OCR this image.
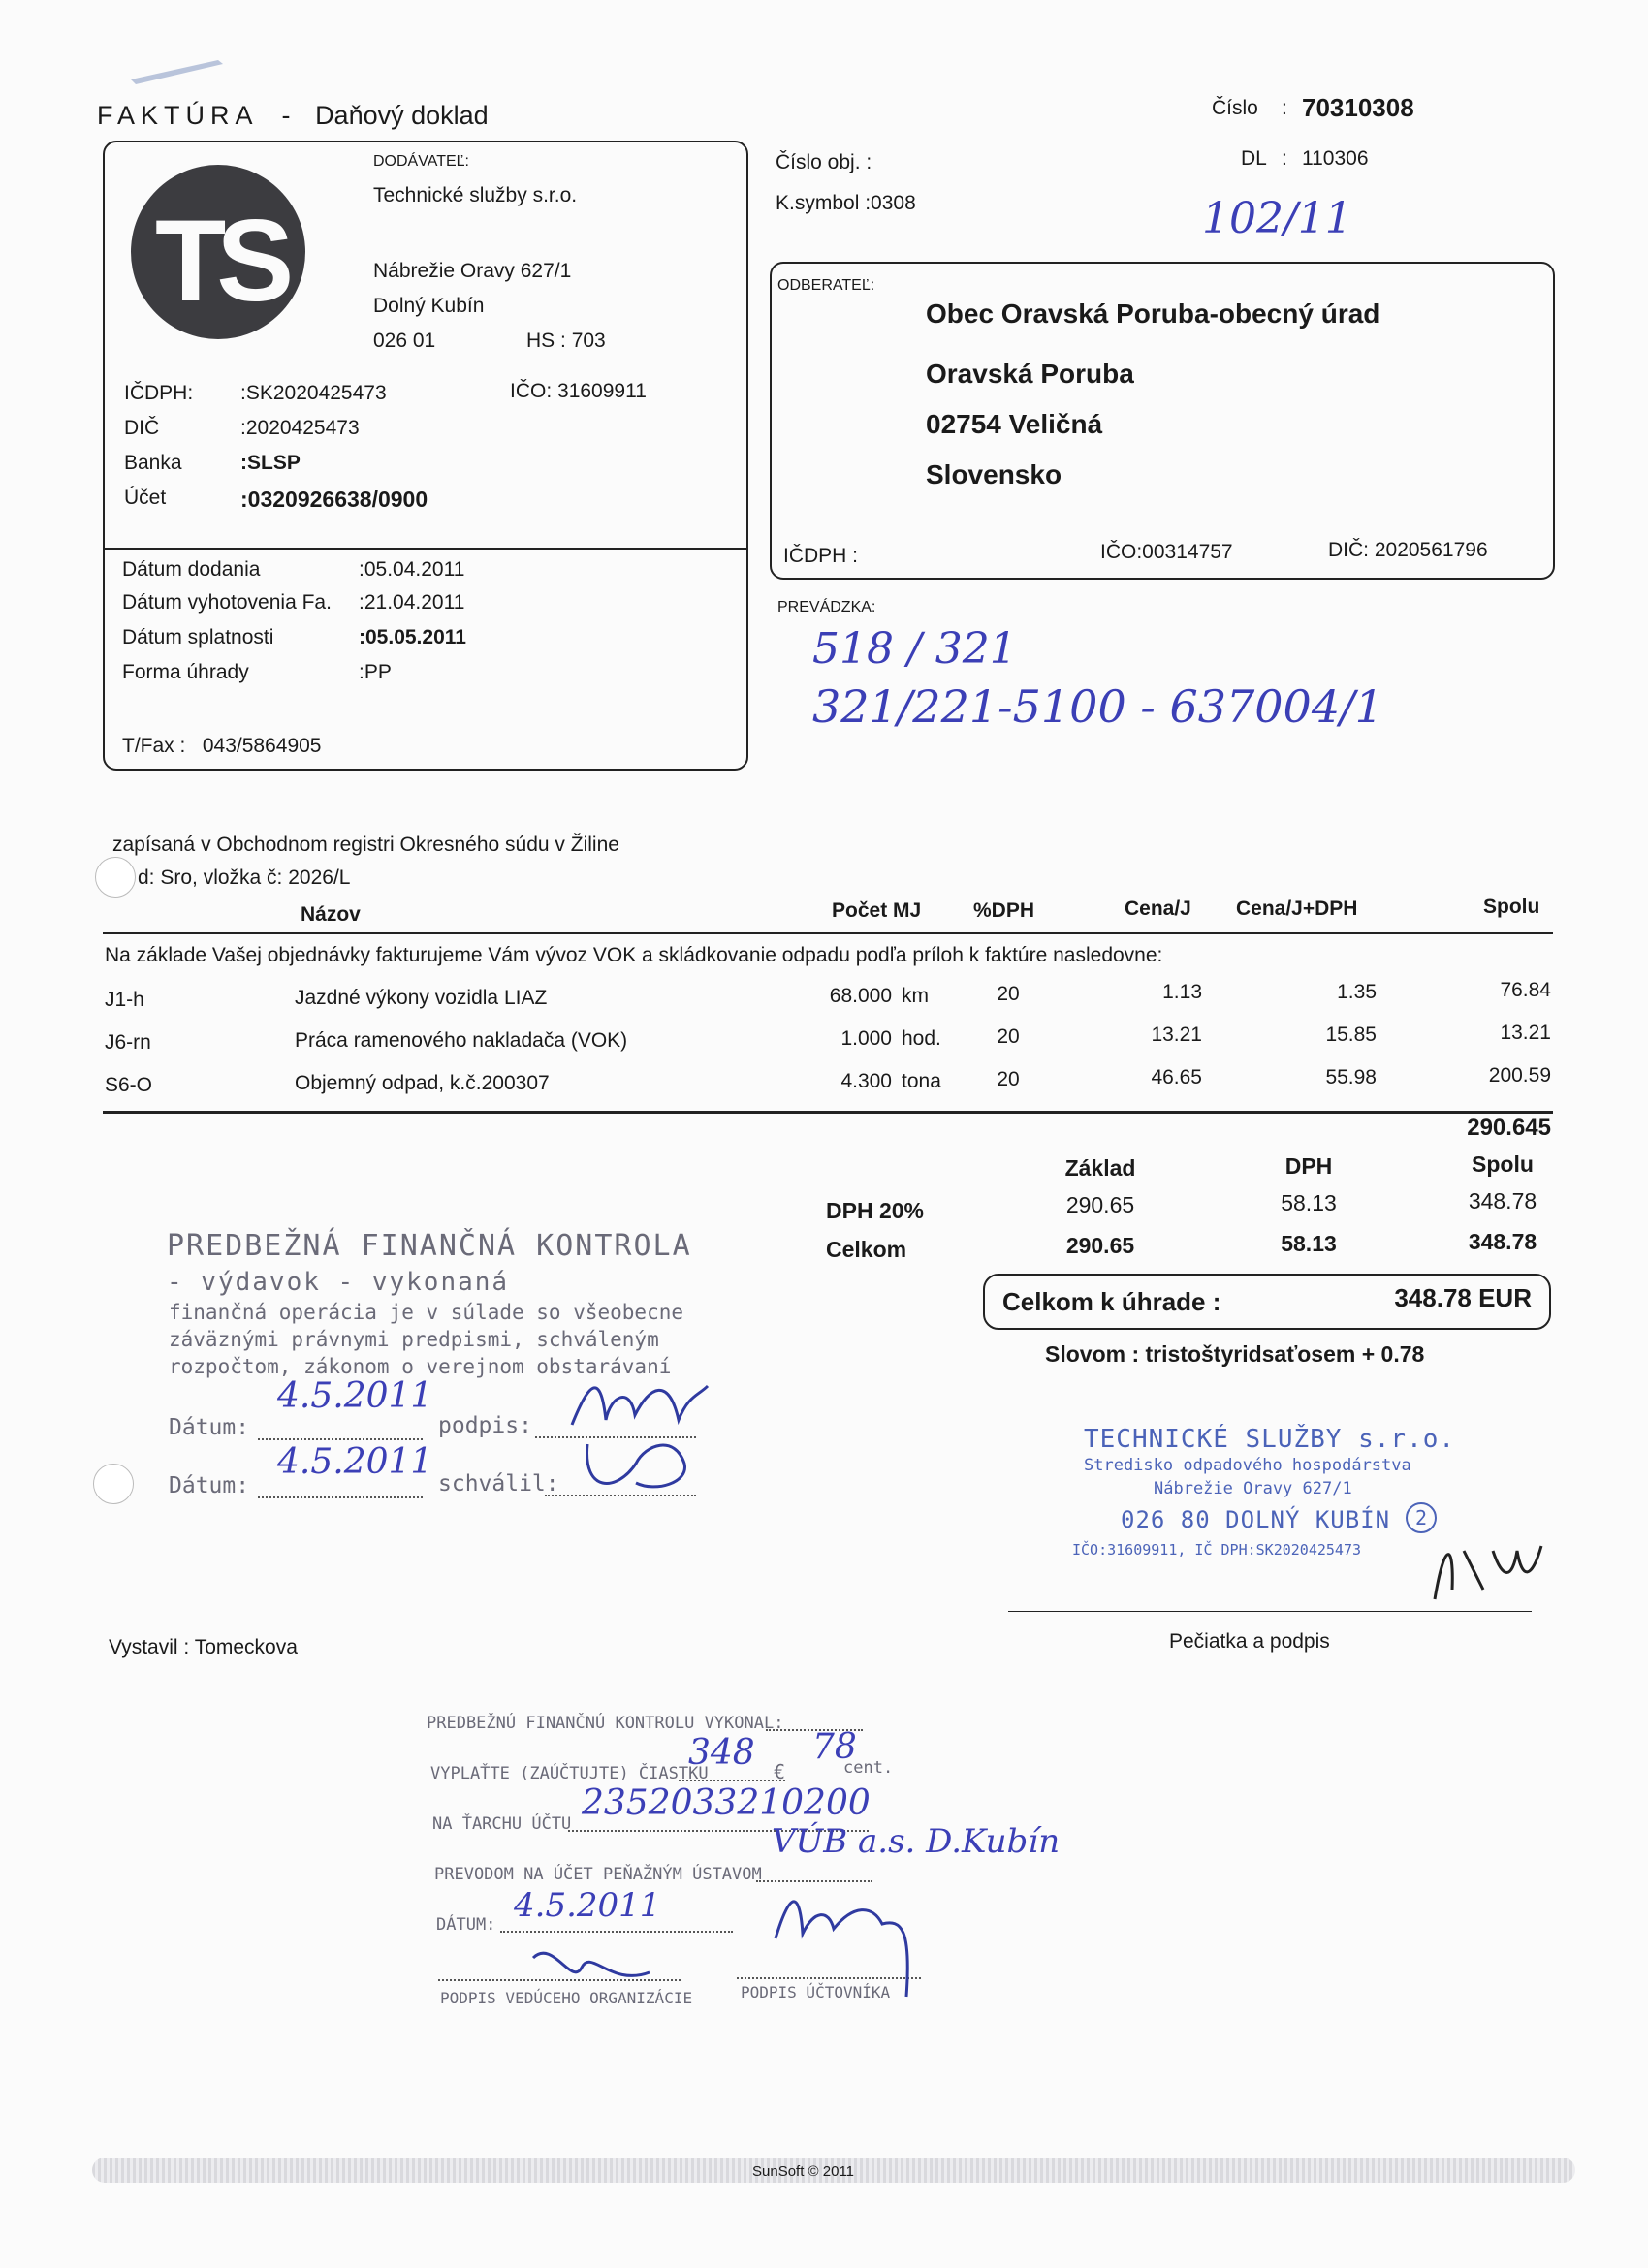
FAKTÚRA - Daňový doklad	Číslo : 70310308
DL : 110306
102/11
Číslo obj. :
K.symbol :0308
TS
DODÁVATEĽ:
Technické služby s.r.o.
Nábrežie Oravy 627/1
Dolný Kubín
026 01	HS : 703
IČDPH: :SK2020425473	IČO: 31609911
DIČ	:2020425473
Banka	:SLSP
Účet	:0320926638/0900
Dátum dodania	:05.04.2011
Dátum vyhotovenia Fa. :21.04.2011
Dátum splatnosti	:05.05.2011
Forma úhrady	:PP
T/Fax :   043/5864905
ODBERATEĽ:
Obec Oravská Poruba-obecný úrad
Oravská Poruba
02754 Veličná
Slovensko
IČDPH :	IČO:00314757	DIČ: 2020561796
PREVÁDZKA:
518 / 321
321/221-5100 - 637004/1
zapísaná v Obchodnom registri Okresného súdu v Žiline
d: Sro, vložka č: 2026/L
Názov	Počet MJ	%DPH	Cena/J Cena/J+DPH	Spolu
Na základe Vašej objednávky fakturujeme Vám vývoz VOK a skládkovanie odpadu podľa príloh k faktúre nasledovne:
J1-h	Jazdné výkony vozidla LIAZ	68.000 km	20	1.13	1.35	76.84
J6-rn	Práca ramenového nakladača (VOK)	1.000 hod.	20	13.21	15.85	13.21
S6-O	Objemný odpad, k.č.200307	4.300 tona	20	46.65	55.98	200.59
290.645
Základ	DPH	Spolu
DPH 20%	290.65	58.13	348.78
Celkom	290.65	58.13	348.78
Celkom k úhrade :	348.78 EUR
Slovom : tristoštyridsaťosem + 0.78
PREDBEŽNÁ FINANČNÁ KONTROLA
- výdavok - vykonaná
finančná operácia je v súlade so všeobecne
záväznými právnymi predpismi, schváleným
rozpočtom, zákonom o verejnom obstarávaní
Dátum:	podpis:
Dátum:	schválil:
4.5.2011
4.5.2011
TECHNICKÉ SLUŽBY s.r.o.
Stredisko odpadového hospodárstva
Nábrežie Oravy 627/1
026 80 DOLNÝ KUBÍN	2
IČO:31609911, IČ DPH:SK2020425473
Vystavil : Tomeckova	Pečiatka a podpis
PREDBEŽNÚ FINANČNÚ KONTROLU VYKONAL:
VYPLAŤTE (ZAÚČTUJTE) ČIASTKU
348 €
78
cent.
NA ŤARCHU ÚČTU
2352033210200
PREVODOM NA ÚČET PEŇAŽNÝM ÚSTAVOM
VÚB a.s. D.Kubín
DÁTUM: 4.5.2011
PODPIS VEDÚCEHO ORGANIZÁCIE	PODPIS ÚČTOVNÍKA
SunSoft © 2011
